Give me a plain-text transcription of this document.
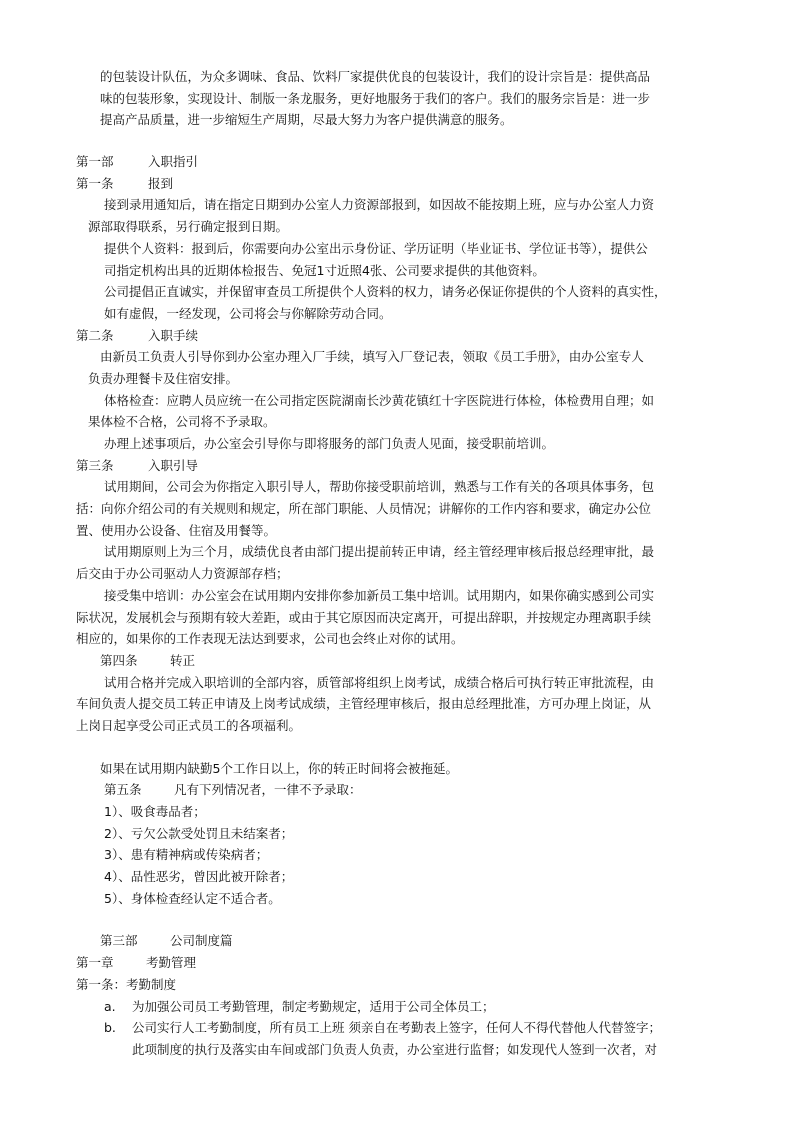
的包装设计队伍，为众多调味、食品、饮料厂家提供优良的包装设计，我们的设计宗旨是：提供高品
味的包装形象，实现设计、制版一条龙服务，更好地服务于我们的客户。我们的服务宗旨是：进一步
提高产品质量，进一步缩短生产周期，尽最大努力为客户提供满意的服务。
第一部	入职指引
第一条	报到
接到录用通知后，请在指定日期到办公室人力资源部报到，如因故不能按期上班，应与办公室人力资
源部取得联系，另行确定报到日期。
提供个人资料：报到后，你需要向办公室出示身份证、学历证明（毕业证书、学位证书等），提供公
司指定机构出具的近期体检报告、免冠1寸近照4张、公司要求提供的其他资料。
公司提倡正直诚实，并保留审查员工所提供个人资料的权力，请务必保证你提供的个人资料的真实性，
如有虚假，一经发现，公司将会与你解除劳动合同。
第二条	入职手续
由新员工负责人引导你到办公室办理入厂手续，填写入厂登记表，领取《员工手册》，由办公室专人
负责办理餐卡及住宿安排。
体格检查：应聘人员应统一在公司指定医院湖南长沙黄花镇红十字医院进行体检，体检费用自理；如
果体检不合格，公司将不予录取。
办理上述事项后，办公室会引导你与即将服务的部门负责人见面，接受职前培训。
第三条	入职引导
试用期间，公司会为你指定入职引导人，帮助你接受职前培训，熟悉与工作有关的各项具体事务，包
括：向你介绍公司的有关规则和规定，所在部门职能、人员情况；讲解你的工作内容和要求，确定办公位
置、使用办公设备、住宿及用餐等。
试用期原则上为三个月，成绩优良者由部门提出提前转正申请，经主管经理审核后报总经理审批，最
后交由于办公司驱动人力资源部存档；
接受集中培训：办公室会在试用期内安排你参加新员工集中培训。试用期内，如果你确实感到公司实
际状况，发展机会与预期有较大差距，或由于其它原因而决定离开，可提出辞职，并按规定办理离职手续
相应的，如果你的工作表现无法达到要求，公司也会终止对你的试用。
第四条	转正
试用合格并完成入职培训的全部内容，质管部将组织上岗考试，成绩合格后可执行转正审批流程，由
车间负责人提交员工转正申请及上岗考试成绩，主管经理审核后，报由总经理批准，方可办理上岗证，从
上岗日起享受公司正式员工的各项福利。
如果在试用期内缺勤5个工作日以上，你的转正时间将会被拖延。
第五条	凡有下列情况者，一律不予录取：
1）、吸食毒品者；
2）、亏欠公款受处罚且未结案者；
3）、患有精神病或传染病者；
4）、品性恶劣，曾因此被开除者；
5）、身体检查经认定不适合者。
第三部	公司制度篇
第一章	考勤管理
第一条：考勤制度
a. 为加强公司员工考勤管理，制定考勤规定，适用于公司全体员工；
b. 公司实行人工考勤制度，所有员工上班 须亲自在考勤表上签字，任何人不得代替他人代替签字；
此项制度的执行及落实由车间或部门负责人负责，办公室进行监督；如发现代人签到一次者，对
